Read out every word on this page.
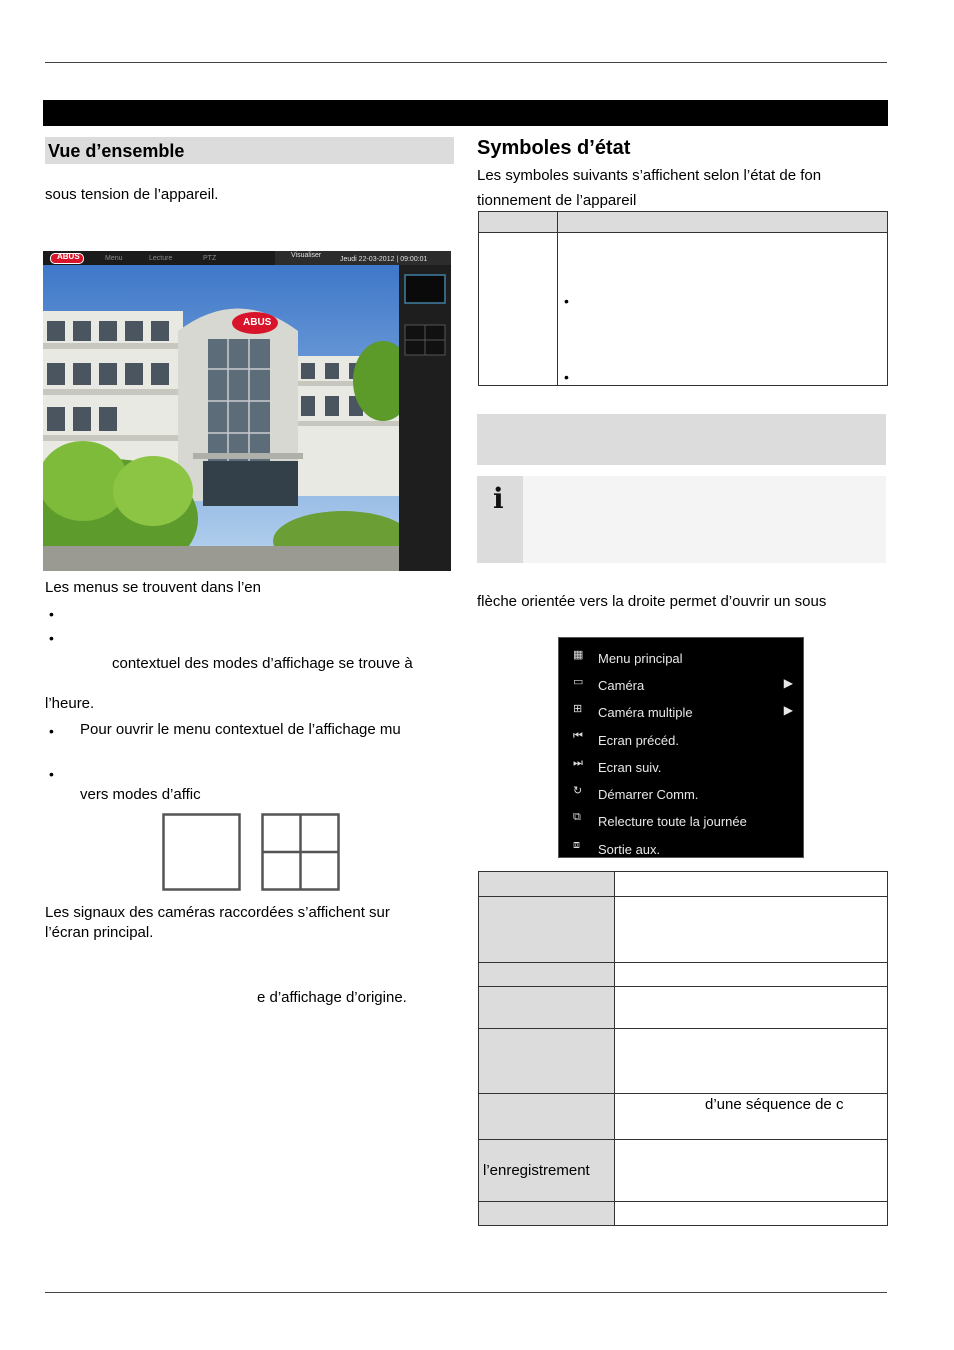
Vue d’ensemble
sous tension de l’appareil.
ABUS	Menu	Lecture	PTZ	Visualiser
Jeudi 22-03-2012 | 09:00:01
ABUS
Les menus se trouvent dans l’en
•
•
contextuel des modes d’affichage se trouve à
l’heure.
• Pour ouvrir le menu contextuel de l’affichage mu
•
vers modes d’affic
Les signaux des caméras raccordées s’affichent sur
l’écran principal.
e d’affichage d’origine.
Symboles d’état
Les symboles suivants s’affichent selon l’état de fon
tionnement de l’appareil

	•
•
i
flèche orientée vers la droite permet d’ouvrir un sous
▦ Menu principal
▭ Caméra	▶
⊞ Caméra multiple	▶
⏮ Ecran précéd.
⏭ Ecran suiv.
↻ Démarrer Comm.
⧉ Relecture toute la journée
⧈ Sortie aux.

	d’une séquence de c
l’enregistrement	
